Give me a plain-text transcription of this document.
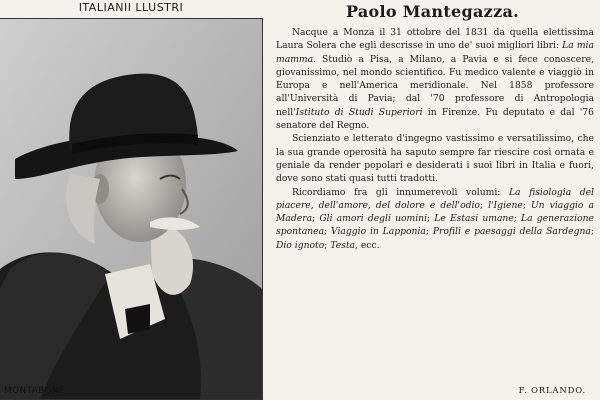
ITALIANII LLUSTRI
MONTABONE
Paolo Mantegazza.

Nacque a Monza il 31 ottobre del 1831 da quella elettissima Laura Solera che egli descrisse in uno de' suoi migliori libri: La mia mamma. Studiò a Pisa, a Milano, a Pavia e si fece conoscere, giovanissimo, nel mondo scientifico. Fu medico valente e viaggiò in Europa e nell'America meridionale. Nel 1858 professore all'Università di Pavia; dal '70 professore di Antropologia nell'Istituto di Studi Superiori in Firenze. Fu deputato e dal '76 senatore del Regno.

Scienziato e letterato d'ingegno vastissimo e versatilissimo, che la sua grande operosità ha saputo sempre far riescire così ornata e geniale da render popolari e desiderati i suoi libri in Italia e fuori, dove sono stati quasi tutti tradotti.

Ricordiamo fra gli innumerevoli volumi: La fisiologia del piacere, dell'amore, del dolore e dell'odio; l'Igiene; Un viaggio a Madera; Gli amori degli uomini; Le Estasi umane; La generazione spontanea; Viaggio in Lapponia; Profili e paesaggi della Sardegna; Dio ignoto; Testa, ecc.

F. ORLANDO.
